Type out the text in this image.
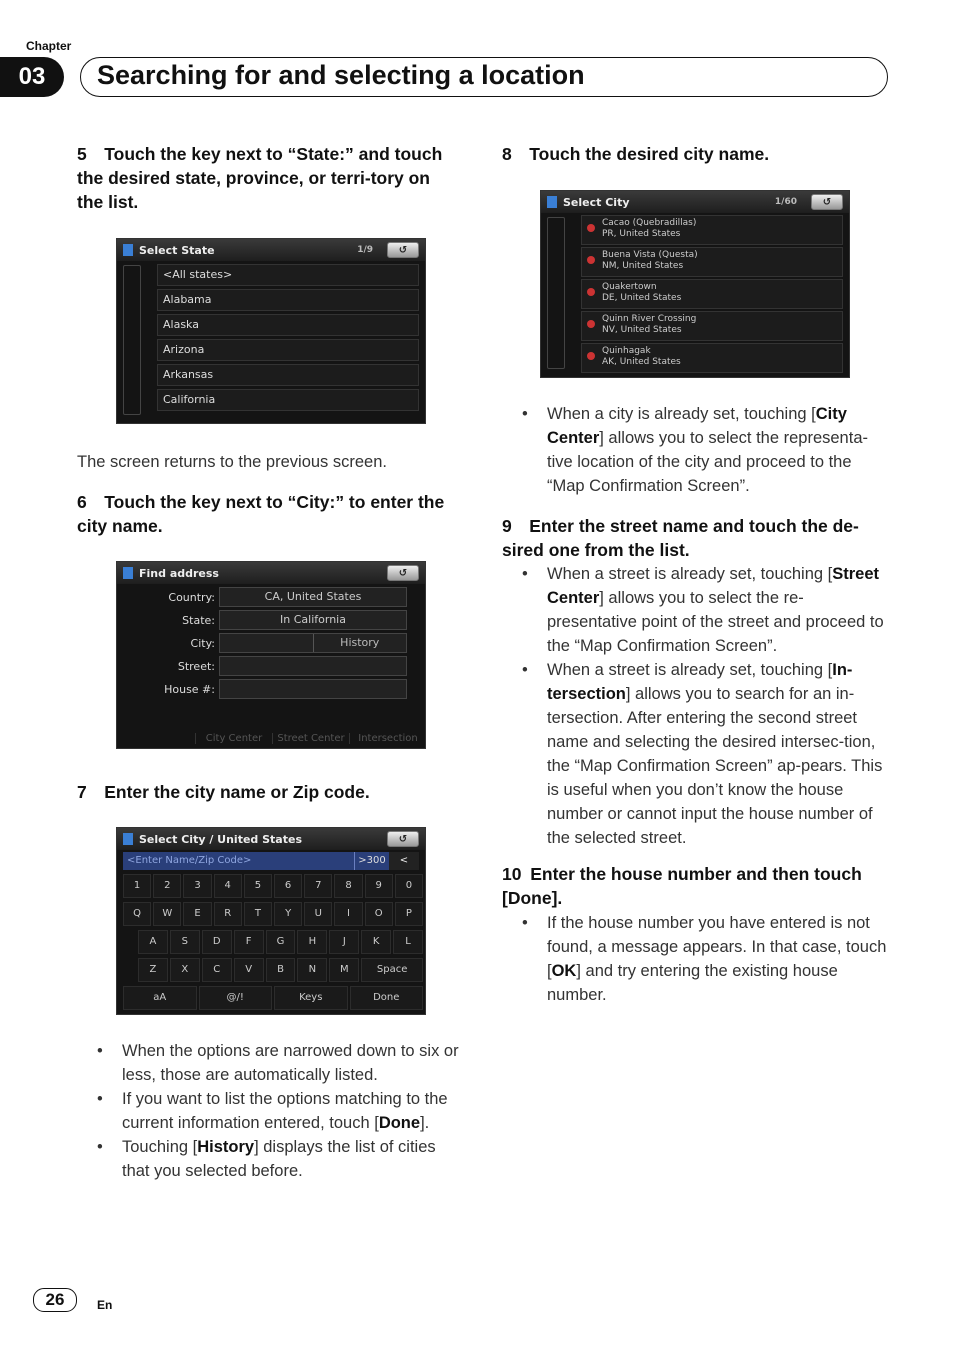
Chapter
03	Searching for and selecting a location
5 Touch the key next to “State:” and touch the desired state, province, or terri-tory on the list.
Select State	1/9	↺
<All states>
Alabama
Alaska
Arizona
Arkansas
California
The screen returns to the previous screen.
6 Touch the key next to “City:” to enter the city name.
Find address	↺
Country:	CA, United States
State:	In California
City:	History
Street:
House #:
City Center	Street Center	Intersection
7 Enter the city name or Zip code.
Select City / United States	↺
<Enter Name/Zip Code>	>300	<
1	2	3	4	5	6	7	8	9	0
Q	W	E	R	T	Y	U	I	O	P
A	S	D	F	G	H	J	K	L
Z	X	C	V	B	N	M	Space
aA	@/!	Keys	Done
• When the options are narrowed down to six or less, those are automatically listed.
• If you want to list the options matching to the current information entered, touch [Done].
• Touching [History] displays the list of cities that you selected before.
8 Touch the desired city name.
Select City	1/60	↺
Cacao (Quebradillas)
PR, United States
Buena Vista (Questa)
NM, United States
Quakertown
DE, United States
Quinn River Crossing
NV, United States
Quinhagak
AK, United States
• When a city is already set, touching [City Center] allows you to select the representa-tive location of the city and proceed to the “Map Confirmation Screen”.
9 Enter the street name and touch the de-sired one from the list.
• When a street is already set, touching [Street Center] allows you to select the re-presentative point of the street and proceed to the “Map Confirmation Screen”.
• When a street is already set, touching [In-tersection] allows you to search for an in-tersection. After entering the second street name and selecting the desired intersec-tion, the “Map Confirmation Screen” ap-pears. This is useful when you don’t know the house number or cannot input the house number of the selected street.
10 Enter the house number and then touch [Done].
• If the house number you have entered is not found, a message appears. In that case, touch [OK] and try entering the existing house number.
26	En
